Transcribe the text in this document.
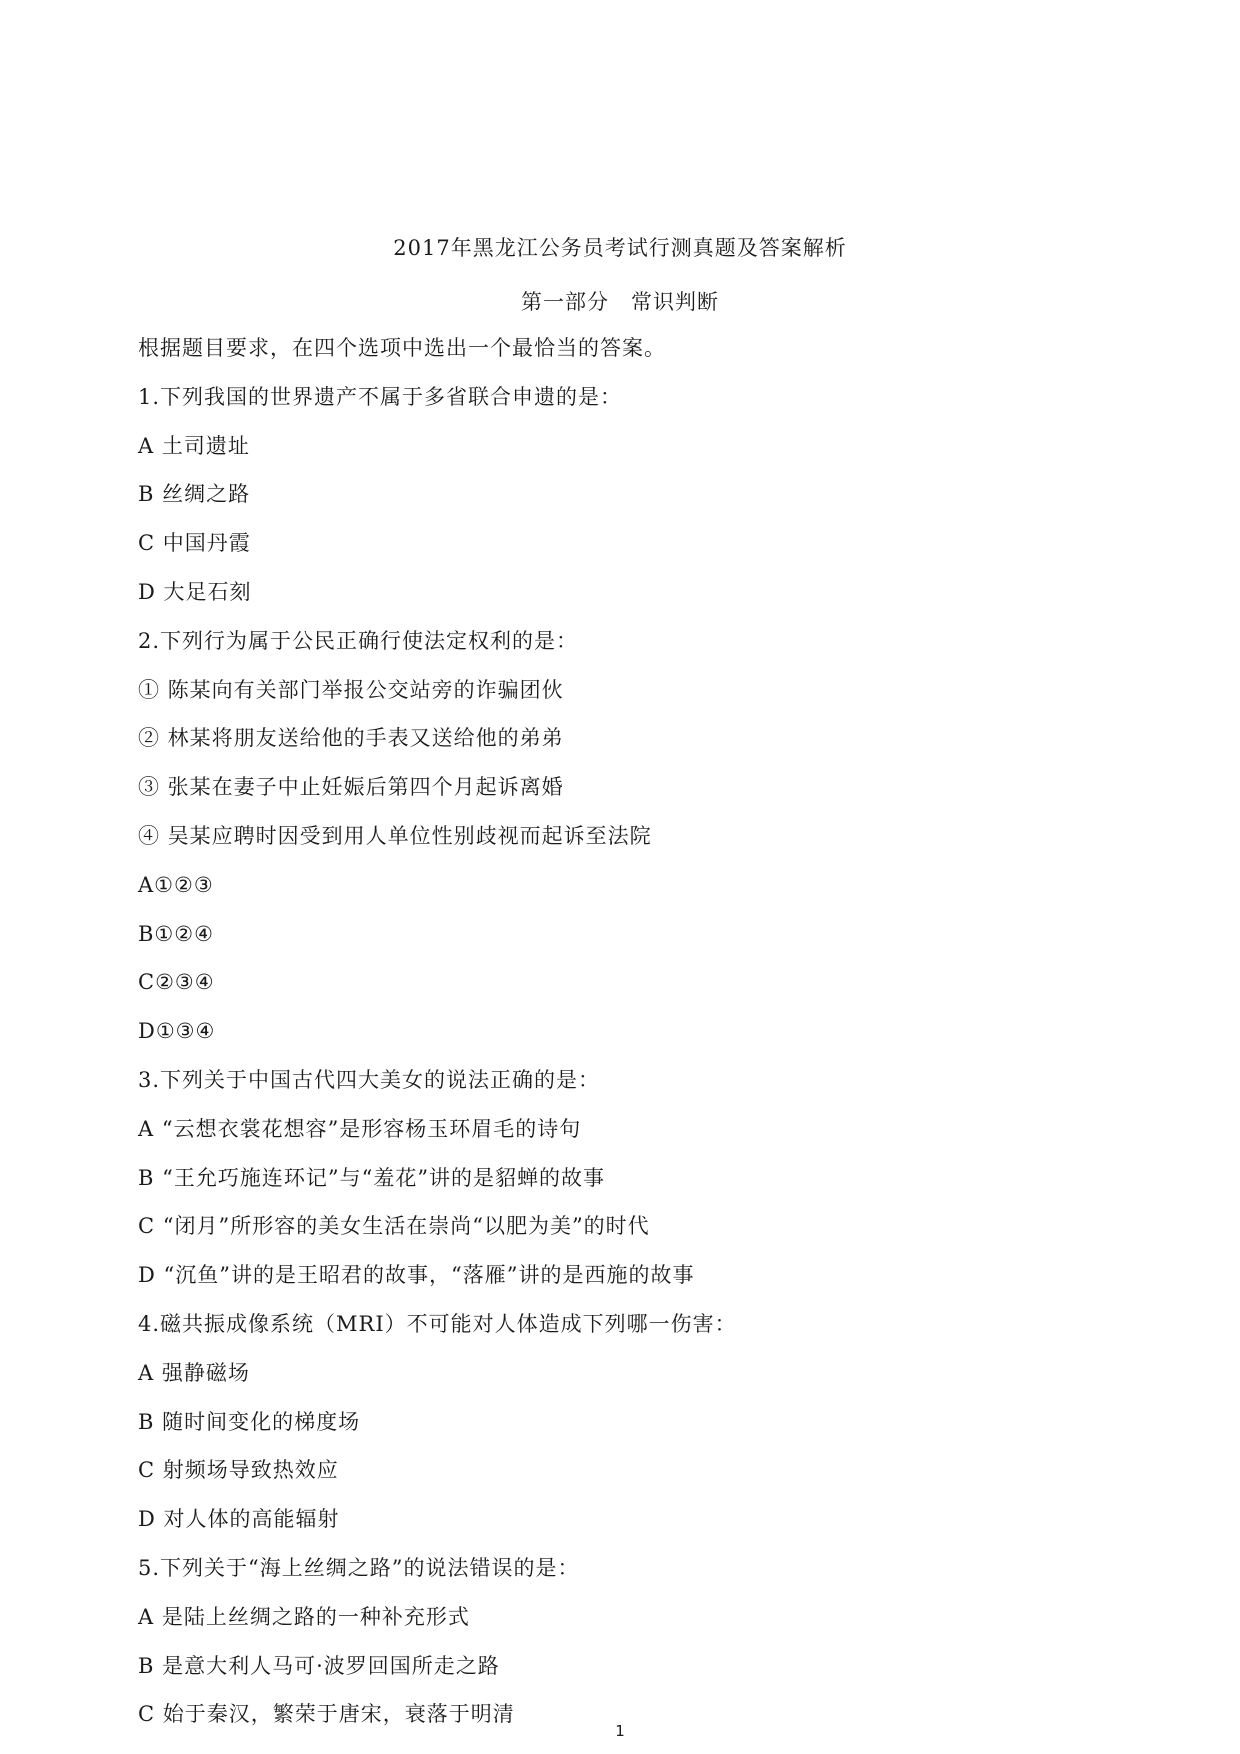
2017年黑龙江公务员考试行测真题及答案解析
第一部分　常识判断

根据题目要求，在四个选项中选出一个最恰当的答案。

1.下列我国的世界遗产不属于多省联合申遗的是：

A 土司遗址

B 丝绸之路

C 中国丹霞

D 大足石刻

2.下列行为属于公民正确行使法定权利的是：

① 陈某向有关部门举报公交站旁的诈骗团伙

② 林某将朋友送给他的手表又送给他的弟弟

③ 张某在妻子中止妊娠后第四个月起诉离婚

④ 吴某应聘时因受到用人单位性别歧视而起诉至法院

A①②③

B①②④

C②③④

D①③④

3.下列关于中国古代四大美女的说法正确的是：

A “云想衣裳花想容”是形容杨玉环眉毛的诗句

B “王允巧施连环记”与“羞花”讲的是貂蝉的故事

C “闭月”所形容的美女生活在崇尚“以肥为美”的时代

D “沉鱼”讲的是王昭君的故事，“落雁”讲的是西施的故事

4.磁共振成像系统（MRI）不可能对人体造成下列哪一伤害：

A 强静磁场

B 随时间变化的梯度场

C 射频场导致热效应

D 对人体的高能辐射

5.下列关于“海上丝绸之路”的说法错误的是：

A 是陆上丝绸之路的一种补充形式

B 是意大利人马可·波罗回国所走之路

C 始于秦汉，繁荣于唐宋，衰落于明清

1
